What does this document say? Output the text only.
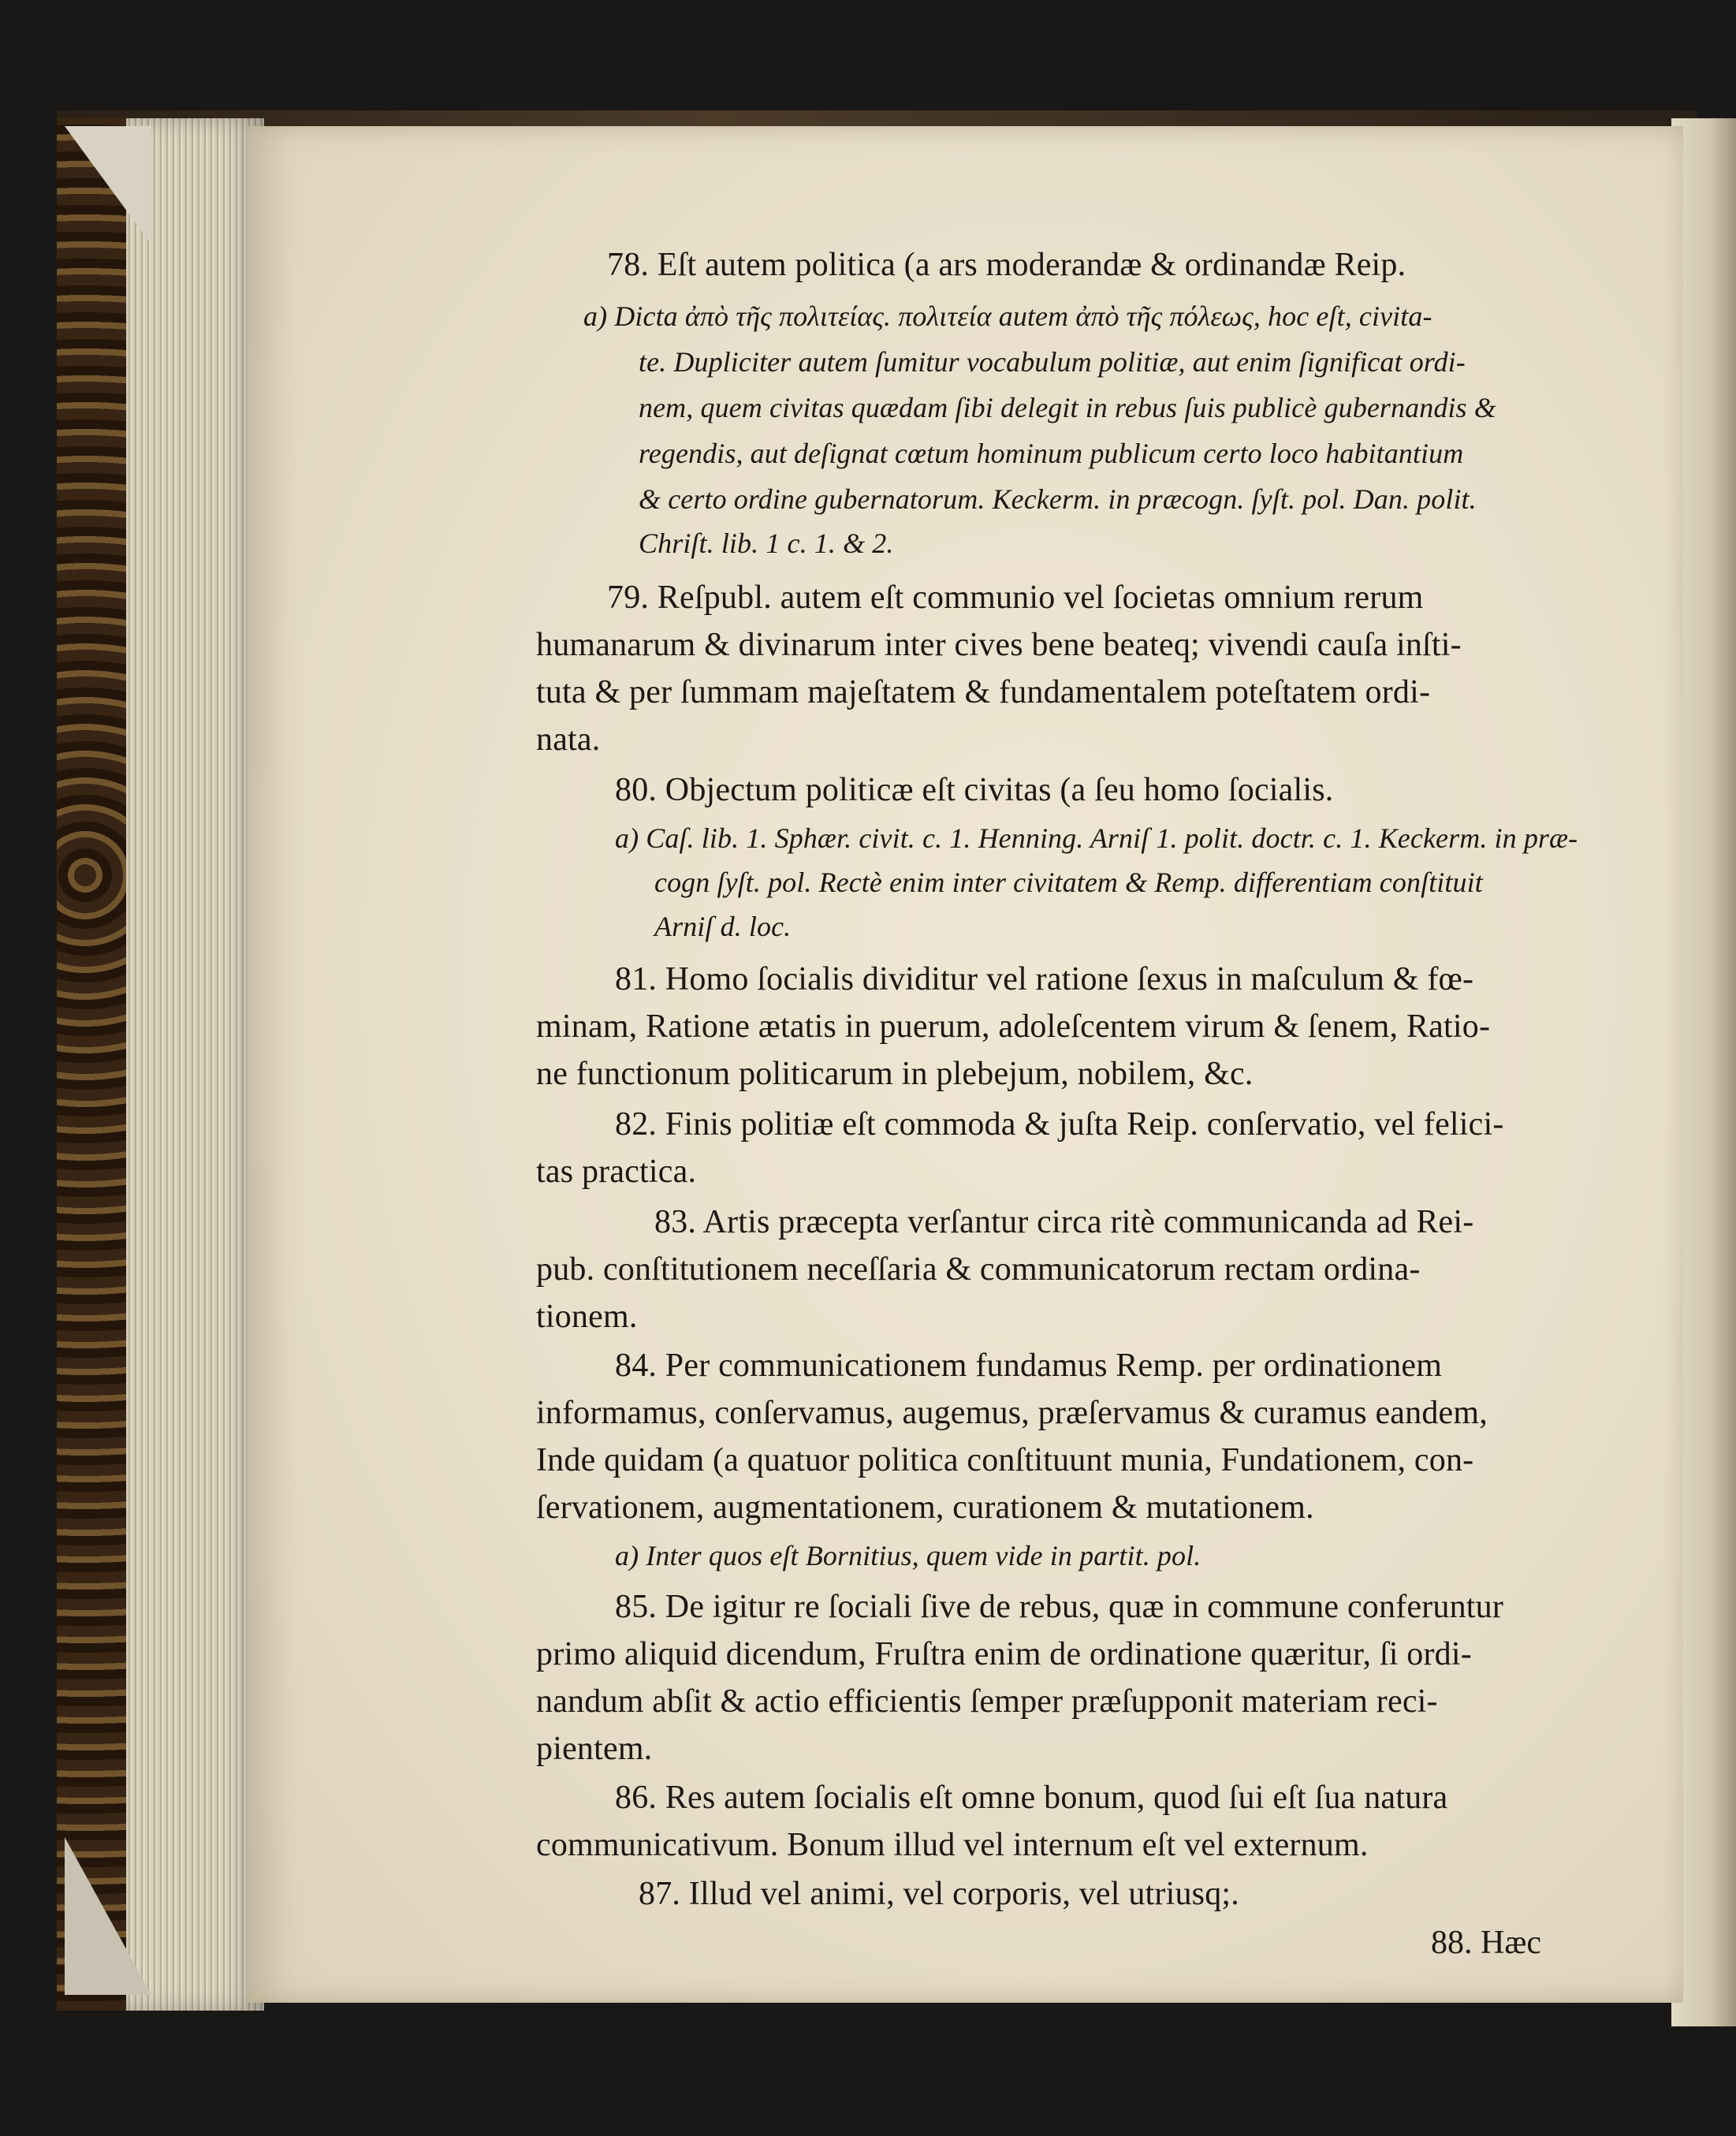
78. Eſt autem politica (a ars moderandæ & ordinandæ Reip.
a) Dicta ἀπὸ τῆς πολιτείας. πολιτεία autem ἀπὸ τῆς πόλεως, hoc eſt, civita-
te. Dupliciter autem ſumitur vocabulum politiæ, aut enim ſignificat ordi-
nem, quem civitas quædam ſibi delegit in rebus ſuis publicè gubernandis &
regendis, aut deſignat cœtum hominum publicum certo loco habitantium
& certo ordine gubernatorum. Keckerm. in præcogn. ſyſt. pol. Dan. polit.
Chriſt. lib. 1 c. 1. & 2.
79. Reſpubl. autem eſt communio vel ſocietas omnium rerum
humanarum & divinarum inter cives bene beateq; vivendi cauſa inſti-
tuta & per ſummam majeſtatem & fundamentalem poteſtatem ordi-
nata.
80. Objectum politicæ eſt civitas (a ſeu homo ſocialis.
a) Caſ. lib. 1. Sphær. civit. c. 1. Henning. Arniſ 1. polit. doctr. c. 1. Keckerm. in præ-
cogn ſyſt. pol. Rectè enim inter civitatem & Remp. differentiam conſtituit
Arniſ d. loc.
81. Homo ſocialis dividitur vel ratione ſexus in maſculum & fœ-
minam, Ratione ætatis in puerum, adoleſcentem virum & ſenem, Ratio-
ne functionum politicarum in plebejum, nobilem, &c.
82. Finis politiæ eſt commoda & juſta Reip. conſervatio, vel felici-
tas practica.
83. Artis præcepta verſantur circa ritè communicanda ad Rei-
pub. conſtitutionem neceſſaria & communicatorum rectam ordina-
tionem.
84. Per communicationem fundamus Remp. per ordinationem
informamus, conſervamus, augemus, præſervamus & curamus eandem,
Inde quidam (a quatuor politica conſtituunt munia, Fundationem, con-
ſervationem, augmentationem, curationem & mutationem.
a) Inter quos eſt Bornitius, quem vide in partit. pol.
85. De igitur re ſociali ſive de rebus, quæ in commune conferuntur
primo aliquid dicendum, Fruſtra enim de ordinatione quæritur, ſi ordi-
nandum abſit & actio efficientis ſemper præſupponit materiam reci-
pientem.
86. Res autem ſocialis eſt omne bonum, quod ſui eſt ſua natura
communicativum. Bonum illud vel internum eſt vel externum.
87. Illud vel animi, vel corporis, vel utriusq;.
88. Hæc
